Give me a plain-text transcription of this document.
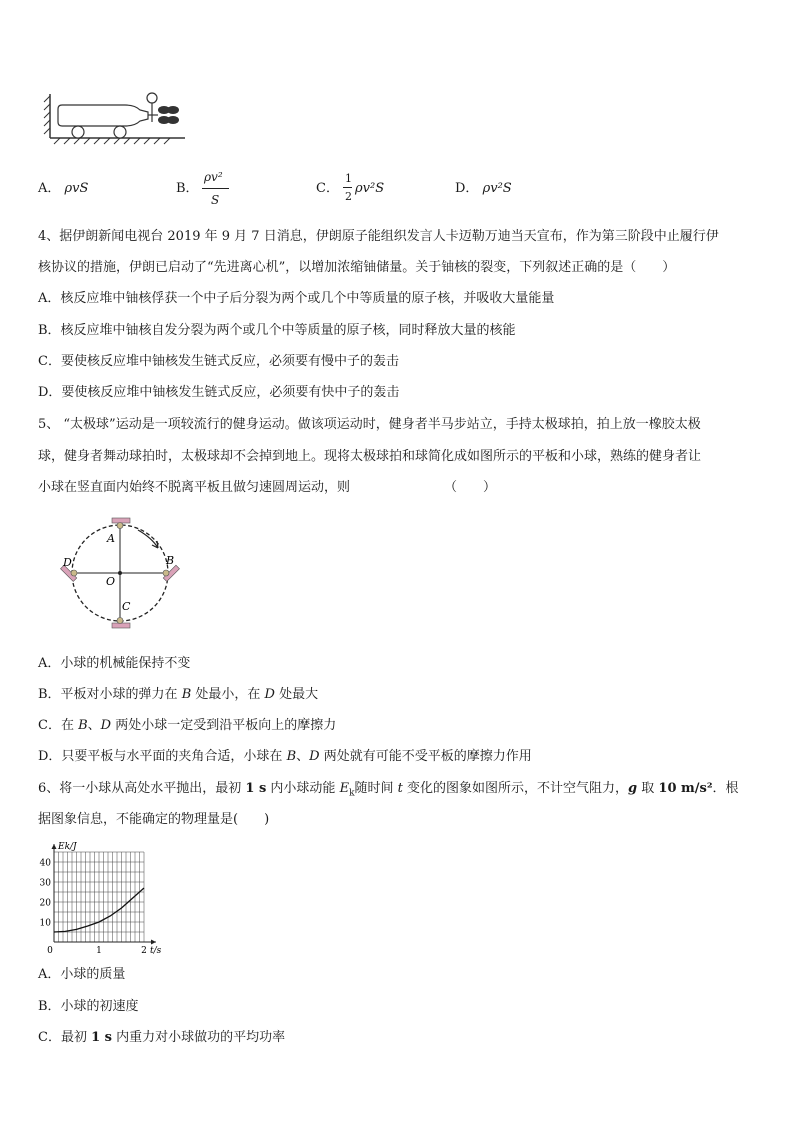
A． ρvS	B．
ρv²
S
C．
1
2
ρv²S	D． ρv²S
4、据伊朗新闻电视台 2019 年 9 月 7 日消息，伊朗原子能组织发言人卡迈勒万迪当天宣布，作为第三阶段中止履行伊
核协议的措施，伊朗已启动了“先进离心机”，以增加浓缩铀储量。关于铀核的裂变，下列叙述正确的是（　　）
A．核反应堆中铀核俘获一个中子后分裂为两个或几个中等质量的原子核，并吸收大量能量
B．核反应堆中铀核自发分裂为两个或几个中等质量的原子核，同时释放大量的核能
C．要使核反应堆中铀核发生链式反应，必须要有慢中子的轰击
D．要使核反应堆中铀核发生链式反应，必须要有快中子的轰击
5、 “太极球”运动是一项较流行的健身运动。做该项运动时，健身者半马步站立，手持太极球拍，拍上放一橡胶太极
球，健身者舞动球拍时，太极球却不会掉到地上。现将太极球拍和球简化成如图所示的平板和小球，熟练的健身者让
小球在竖直面内始终不脱离平板且做匀速圆周运动，则	（　　）
A
B
C
D
O
A．小球的机械能保持不变
B．平板对小球的弹力在 B 处最小，在 D 处最大
C．在 B、D 两处小球一定受到沿平板向上的摩擦力
D．只要平板与水平面的夹角合适，小球在 B、D 两处就有可能不受平板的摩擦力作用
6、将一小球从高处水平抛出，最初 1 s 内小球动能 $E_k$随时间 t 变化的图象如图所示，不计空气阻力，g 取 10 m/s²．根
据图象信息，不能确定的物理量是(　　)
10
20
30
40
0	1	2
Ek/J
t/s
A．小球的质量
B．小球的初速度
C．最初 1 s 内重力对小球做功的平均功率
